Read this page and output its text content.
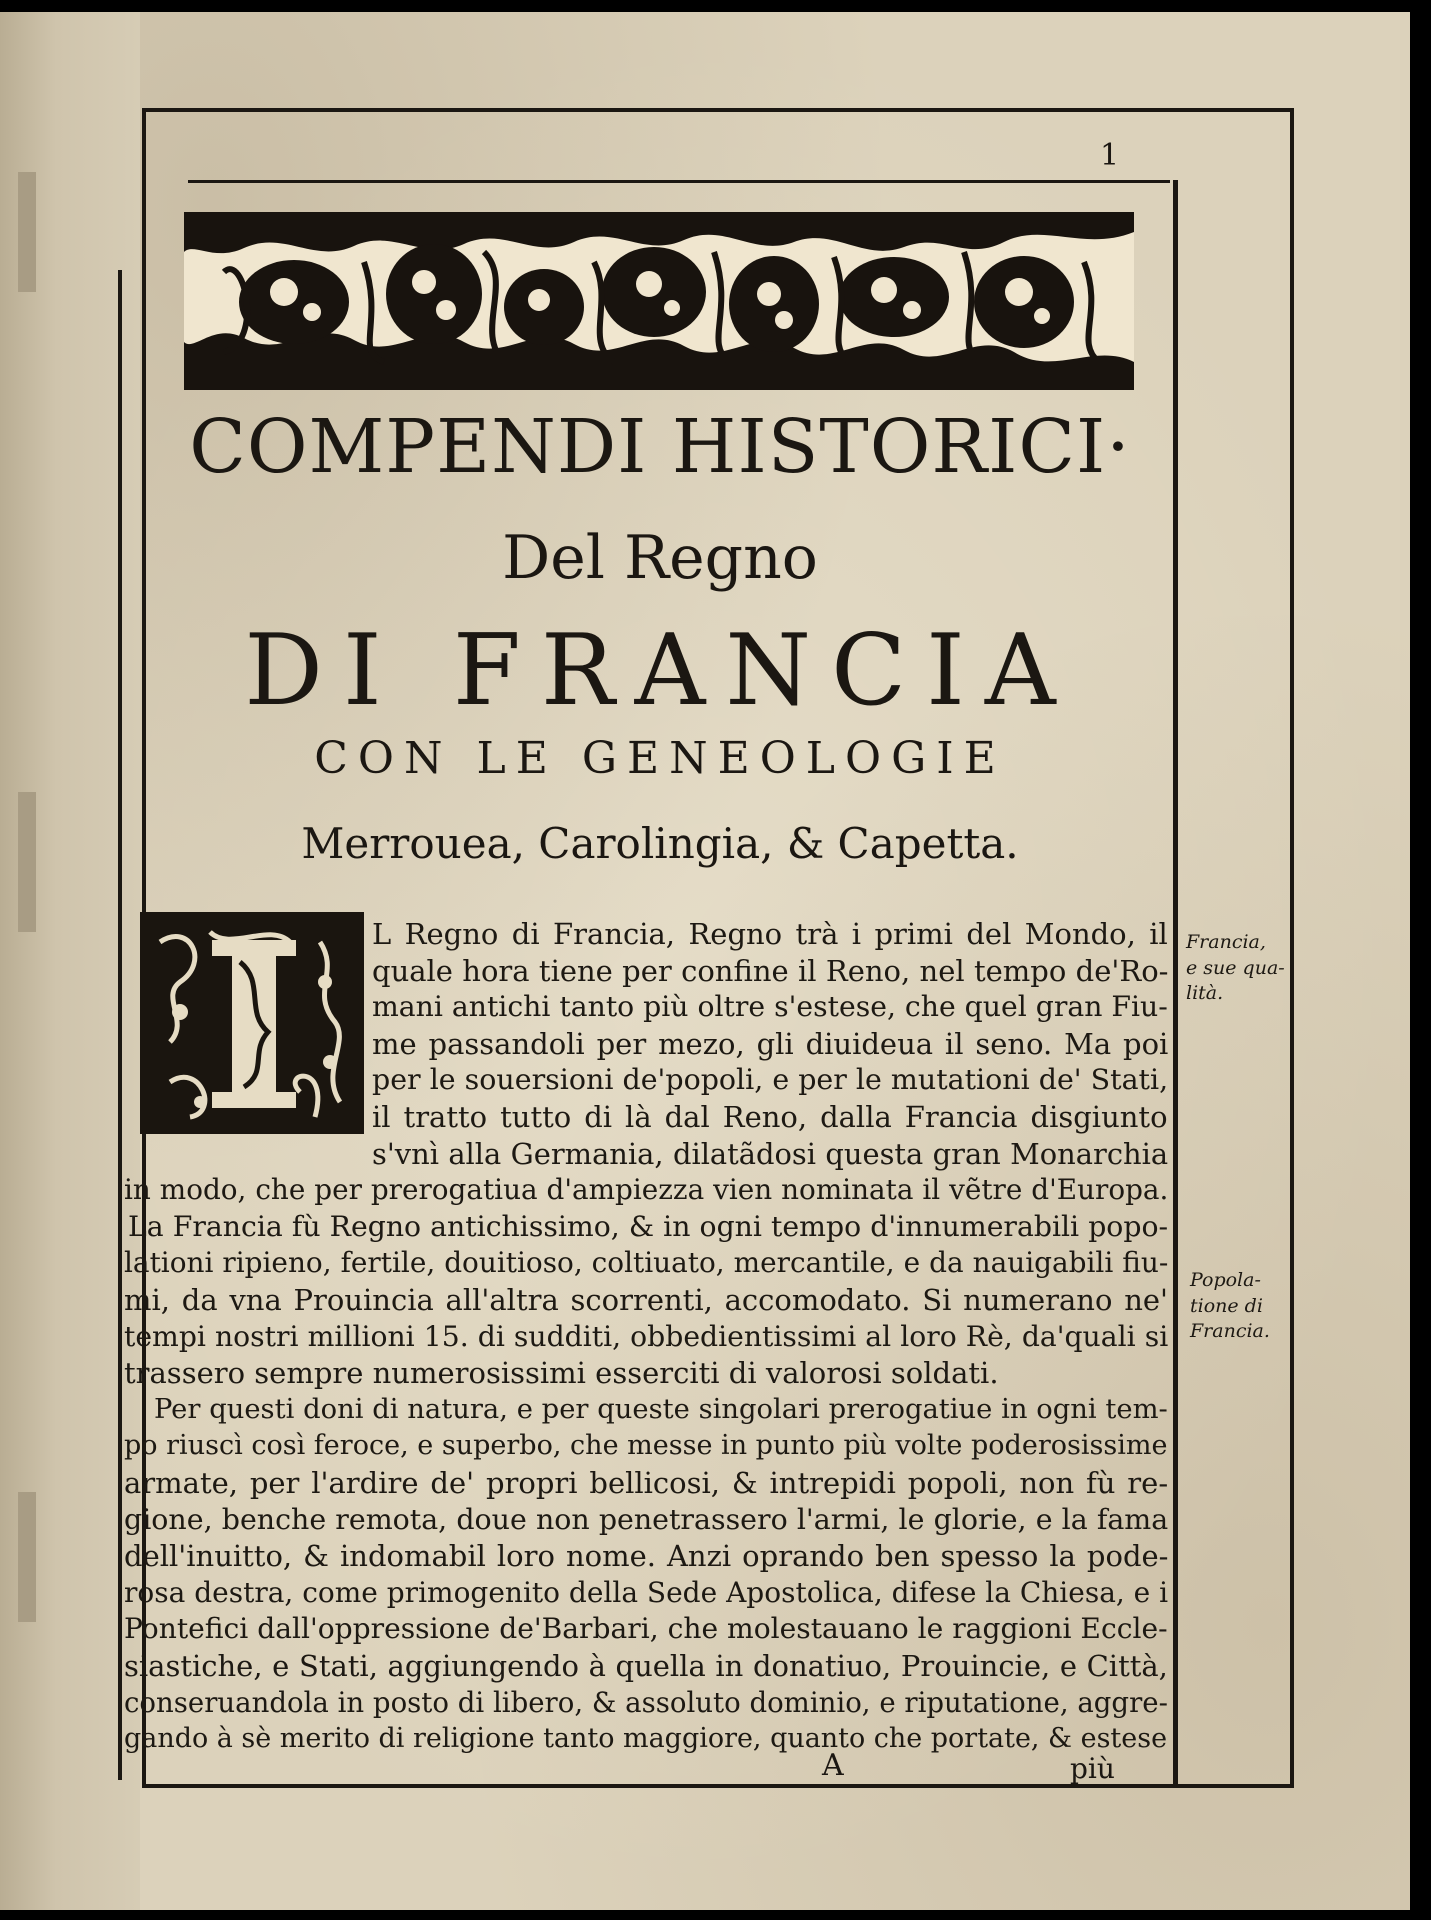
1
COMPENDI HISTORICI·
Del Regno
DI FRANCIA
CON LE GENEOLOGIE
Merrouea, Carolingia, & Capetta.
L Regno di Francia, Regno trà i primi del Mondo, il
quale hora tiene per confine il Reno, nel tempo de'Ro-
mani antichi tanto più oltre s'estese, che quel gran Fiu-
me passandoli per mezo, gli diuideua il seno. Ma poi
per le souersioni de'popoli, e per le mutationi de' Stati,
il tratto tutto di là dal Reno, dalla Francia disgiunto
s'vnì alla Germania, dilatãdosi questa gran Monarchia
in modo, che per prerogatiua d'ampiezza vien nominata il vẽtre d'Europa.
La Francia fù Regno antichissimo, & in ogni tempo d'innumerabili popo-
lationi ripieno, fertile, douitioso, coltiuato, mercantile, e da nauigabili fiu-
mi, da vna Prouincia all'altra scorrenti, accomodato. Si numerano ne'
tempi nostri millioni 15. di sudditi, obbedientissimi al loro Rè, da'quali si
trassero sempre numerosissimi esserciti di valorosi soldati.
Per questi doni di natura, e per queste singolari prerogatiue in ogni tem-
po riuscì così feroce, e superbo, che messe in punto più volte poderosissime
armate, per l'ardire de' propri bellicosi, & intrepidi popoli, non fù re-
gione, benche remota, doue non penetrassero l'armi, le glorie, e la fama
dell'inuitto, & indomabil loro nome. Anzi oprando ben spesso la pode-
rosa destra, come primogenito della Sede Apostolica, difese la Chiesa, e i
Pontefici dall'oppressione de'Barbari, che molestauano le raggioni Eccle-
siastiche, e Stati, aggiungendo à quella in donatiuo, Prouincie, e Città,
conseruandola in posto di libero, & assoluto dominio, e riputatione, aggre-
gando à sè merito di religione tanto maggiore, quanto che portate, & estese
Francia,
e sue qua-
lità.
Popola-
tione di
Francia.
A	più
